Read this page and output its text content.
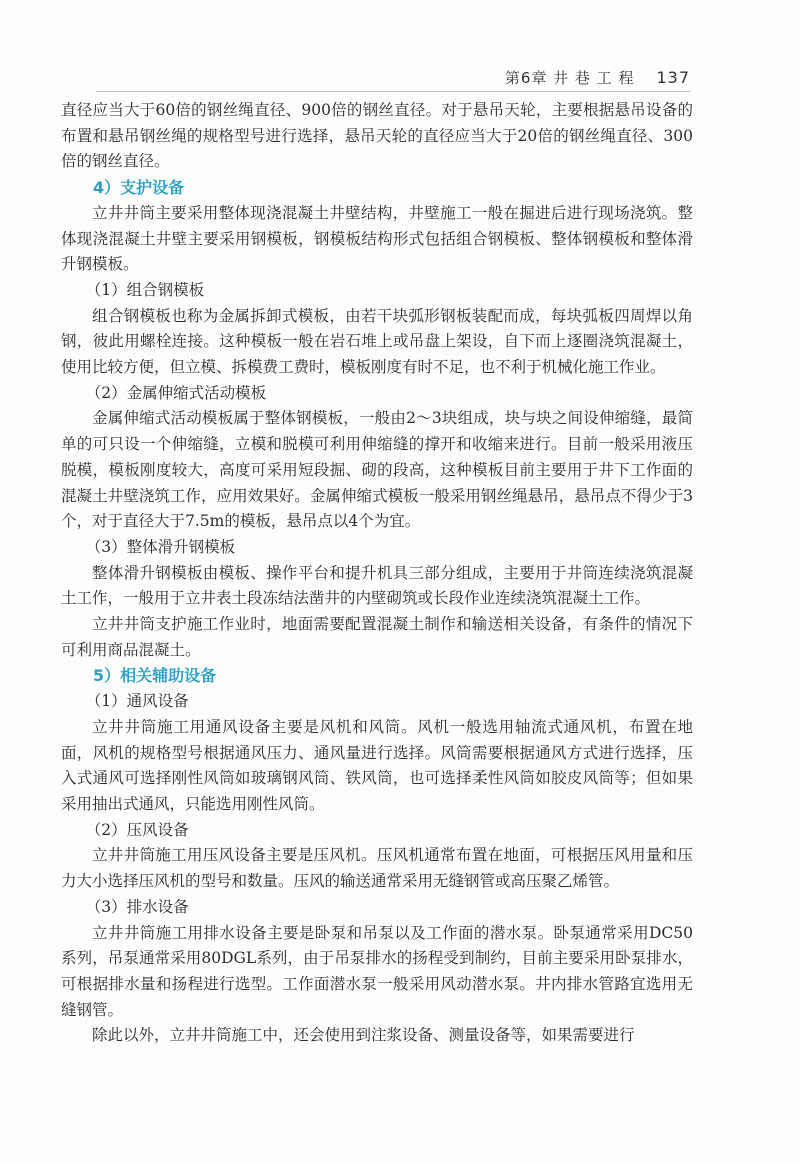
第6章 井 巷 工 程 137

直径应当大于60倍的钢丝绳直径、900倍的钢丝直径。对于悬吊天轮，主要根据悬吊设备的布置和悬吊钢丝绳的规格型号进行选择，悬吊天轮的直径应当大于20倍的钢丝绳直径、300倍的钢丝直径。

4）支护设备

立井井筒主要采用整体现浇混凝土井壁结构，井壁施工一般在掘进后进行现场浇筑。整体现浇混凝土井壁主要采用钢模板，钢模板结构形式包括组合钢模板、整体钢模板和整体滑升钢模板。

（1）组合钢模板

组合钢模板也称为金属拆卸式模板，由若干块弧形钢板装配而成，每块弧板四周焊以角钢，彼此用螺栓连接。这种模板一般在岩石堆上或吊盘上架设，自下而上逐圈浇筑混凝土，使用比较方便，但立模、拆模费工费时，模板刚度有时不足，也不利于机械化施工作业。

（2）金属伸缩式活动模板

金属伸缩式活动模板属于整体钢模板，一般由2～3块组成，块与块之间设伸缩缝，最简单的可只设一个伸缩缝，立模和脱模可利用伸缩缝的撑开和收缩来进行。目前一般采用液压脱模，模板刚度较大，高度可采用短段掘、砌的段高，这种模板目前主要用于井下工作面的混凝土井壁浇筑工作，应用效果好。金属伸缩式模板一般采用钢丝绳悬吊，悬吊点不得少于3个，对于直径大于7.5m的模板，悬吊点以4个为宜。

（3）整体滑升钢模板

整体滑升钢模板由模板、操作平台和提升机具三部分组成，主要用于井筒连续浇筑混凝土工作，一般用于立井表土段冻结法凿井的内壁砌筑或长段作业连续浇筑混凝土工作。

立井井筒支护施工作业时，地面需要配置混凝土制作和输送相关设备，有条件的情况下可利用商品混凝土。

5）相关辅助设备
（1）通风设备

立井井筒施工用通风设备主要是风机和风筒。风机一般选用轴流式通风机，布置在地面，风机的规格型号根据通风压力、通风量进行选择。风筒需要根据通风方式进行选择，压入式通风可选择刚性风筒如玻璃钢风筒、铁风筒，也可选择柔性风筒如胶皮风筒等；但如果采用抽出式通风，只能选用刚性风筒。

（2）压风设备

立井井筒施工用压风设备主要是压风机。压风机通常布置在地面，可根据压风用量和压力大小选择压风机的型号和数量。压风的输送通常采用无缝钢管或高压聚乙烯管。

（3）排水设备

立井井筒施工用排水设备主要是卧泵和吊泵以及工作面的潜水泵。卧泵通常采用DC50系列，吊泵通常采用80DGL系列，由于吊泵排水的扬程受到制约，目前主要采用卧泵排水，可根据排水量和扬程进行选型。工作面潜水泵一般采用风动潜水泵。井内排水管路宜选用无缝钢管。

除此以外，立井井筒施工中，还会使用到注浆设备、测量设备等，如果需要进行
